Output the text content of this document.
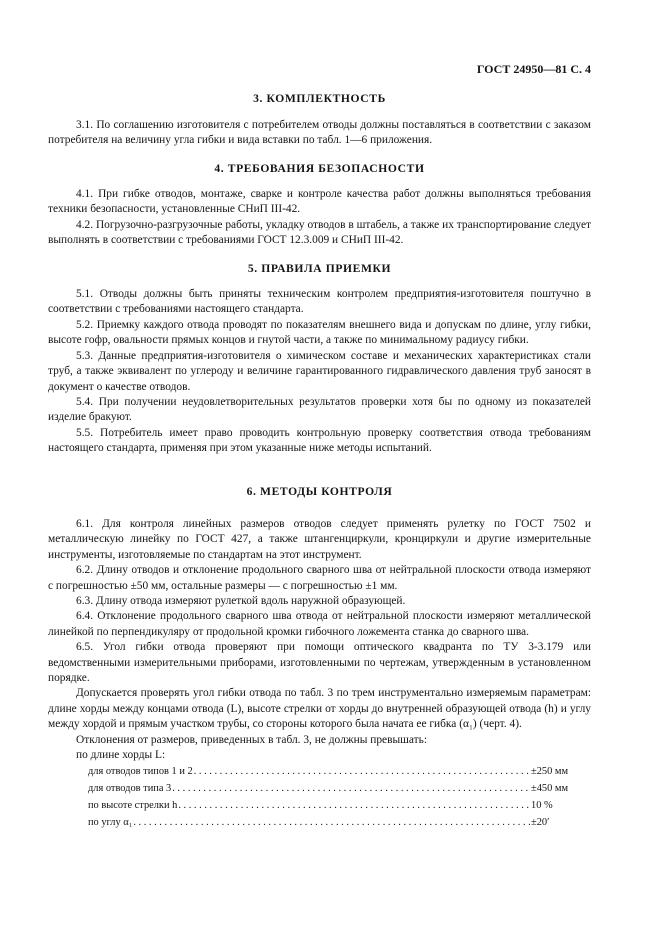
ГОСТ 24950—81 С. 4
3. КОМПЛЕКТНОСТЬ

3.1. По соглашению изготовителя с потребителем отводы должны поставляться в соответствии с заказом потребителя на величину угла гибки и вида вставки по табл. 1—6 приложения.

4. ТРЕБОВАНИЯ БЕЗОПАСНОСТИ

4.1. При гибке отводов, монтаже, сварке и контроле качества работ должны выполняться требования техники безопасности, установленные СНиП III-42.

4.2. Погрузочно-разгрузочные работы, укладку отводов в штабель, а также их транспортирование следует выполнять в соответствии с требованиями ГОСТ 12.3.009 и СНиП III-42.

5. ПРАВИЛА ПРИЕМКИ

5.1. Отводы должны быть приняты техническим контролем предприятия-изготовителя поштучно в соответствии с требованиями настоящего стандарта.

5.2. Приемку каждого отвода проводят по показателям внешнего вида и допускам по длине, углу гибки, высоте гофр, овальности прямых концов и гнутой части, а также по минимальному радиусу гибки.

5.3. Данные предприятия-изготовителя о химическом составе и механических характеристиках стали труб, а также эквивалент по углероду и величине гарантированного гидравлического давления труб заносят в документ о качестве отводов.

5.4. При получении неудовлетворительных результатов проверки хотя бы по одному из показателей изделие бракуют.

5.5. Потребитель имеет право проводить контрольную проверку соответствия отвода требованиям настоящего стандарта, применяя при этом указанные ниже методы испытаний.

6. МЕТОДЫ КОНТРОЛЯ

6.1. Для контроля линейных размеров отводов следует применять рулетку по ГОСТ 7502 и металлическую линейку по ГОСТ 427, а также штангенциркули, кронциркули и другие измерительные инструменты, изготовляемые по стандартам на этот инструмент.

6.2. Длину отводов и отклонение продольного сварного шва от нейтральной плоскости отвода измеряют с погрешностью ±50 мм, остальные размеры — с погрешностью ±1 мм.

6.3. Длину отвода измеряют рулеткой вдоль наружной образующей.

6.4. Отклонение продольного сварного шва отвода от нейтральной плоскости измеряют металлической линейкой по перпендикуляру от продольной кромки гибочного ложемента станка до сварного шва.

6.5. Угол гибки отвода проверяют при помощи оптического квадранта по ТУ 3-3.179 или ведомственными измерительными приборами, изготовленными по чертежам, утвержденным в установленном порядке.

Допускается проверять угол гибки отвода по табл. 3 по трем инструментально измеряемым параметрам: длине хорды между концами отвода (L), высоте стрелки от хорды до внутренней образующей отвода (h) и углу между хордой и прямым участком трубы, со стороны которого была начата ее гибка (α₁) (черт. 4).

Отклонения от размеров, приведенных в табл. 3, не должны превышать:

по длине хорды L:

для отводов типов 1 и 2 . . .	±250 мм
для отводов типа 3 . . .	±450 мм
по высоте стрелки h . . .	10 %
по углу α₁ . . .	±20′
